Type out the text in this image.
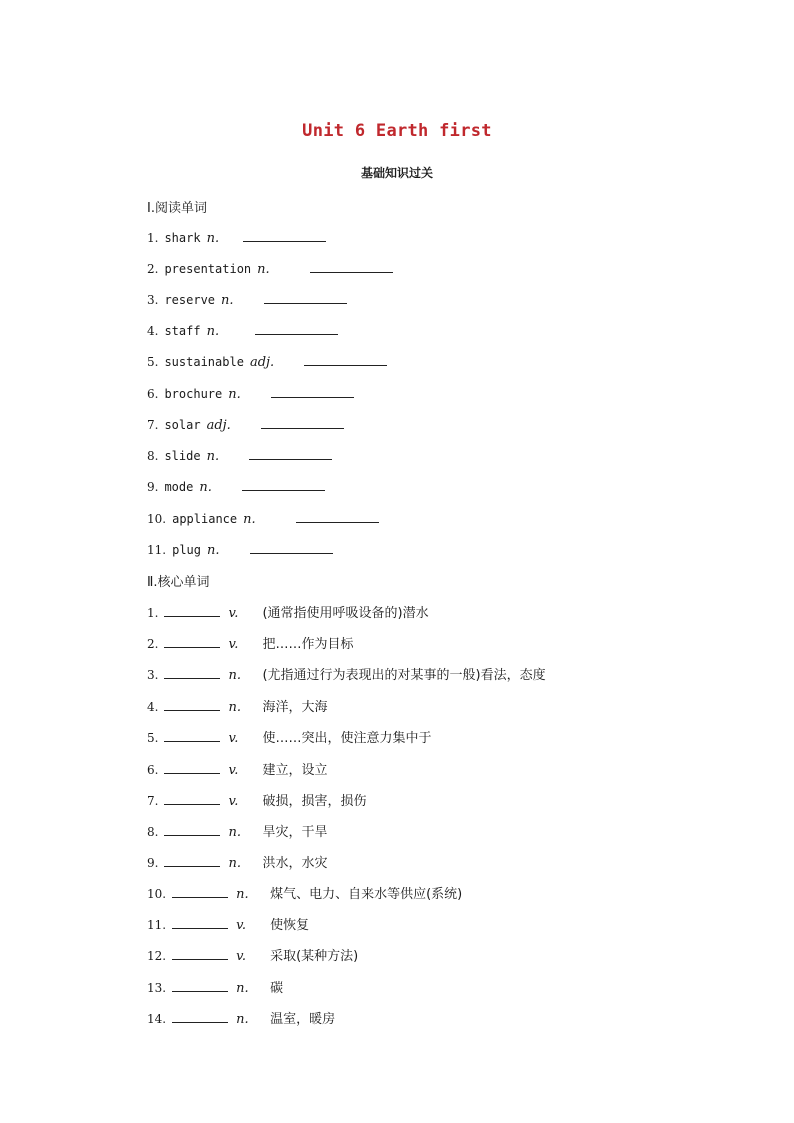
Unit 6 Earth first
基础知识过关
Ⅰ.阅读单词
1. shark n.
2. presentation n.
3. reserve n.
4. staff n.
5. sustainable adj.
6. brochure n.
7. solar adj.
8. slide n.
9. mode n.
10. appliance n.
11. plug n.
Ⅱ.核心单词
1.	v.	(通常指使用呼吸设备的)潜水
2.	v.	把……作为目标
3.	n.	(尤指通过行为表现出的对某事的一般)看法，态度
4.	n.	海洋，大海
5.	v.	使……突出，使注意力集中于
6.	v.	建立，设立
7.	v.	破损，损害，损伤
8.	n.	旱灾，干旱
9.	n.	洪水，水灾
10.	n.	煤气、电力、自来水等供应(系统)
11.	v.	使恢复
12.	v.	采取(某种方法)
13.	n.	碳
14.	n.	温室，暖房
